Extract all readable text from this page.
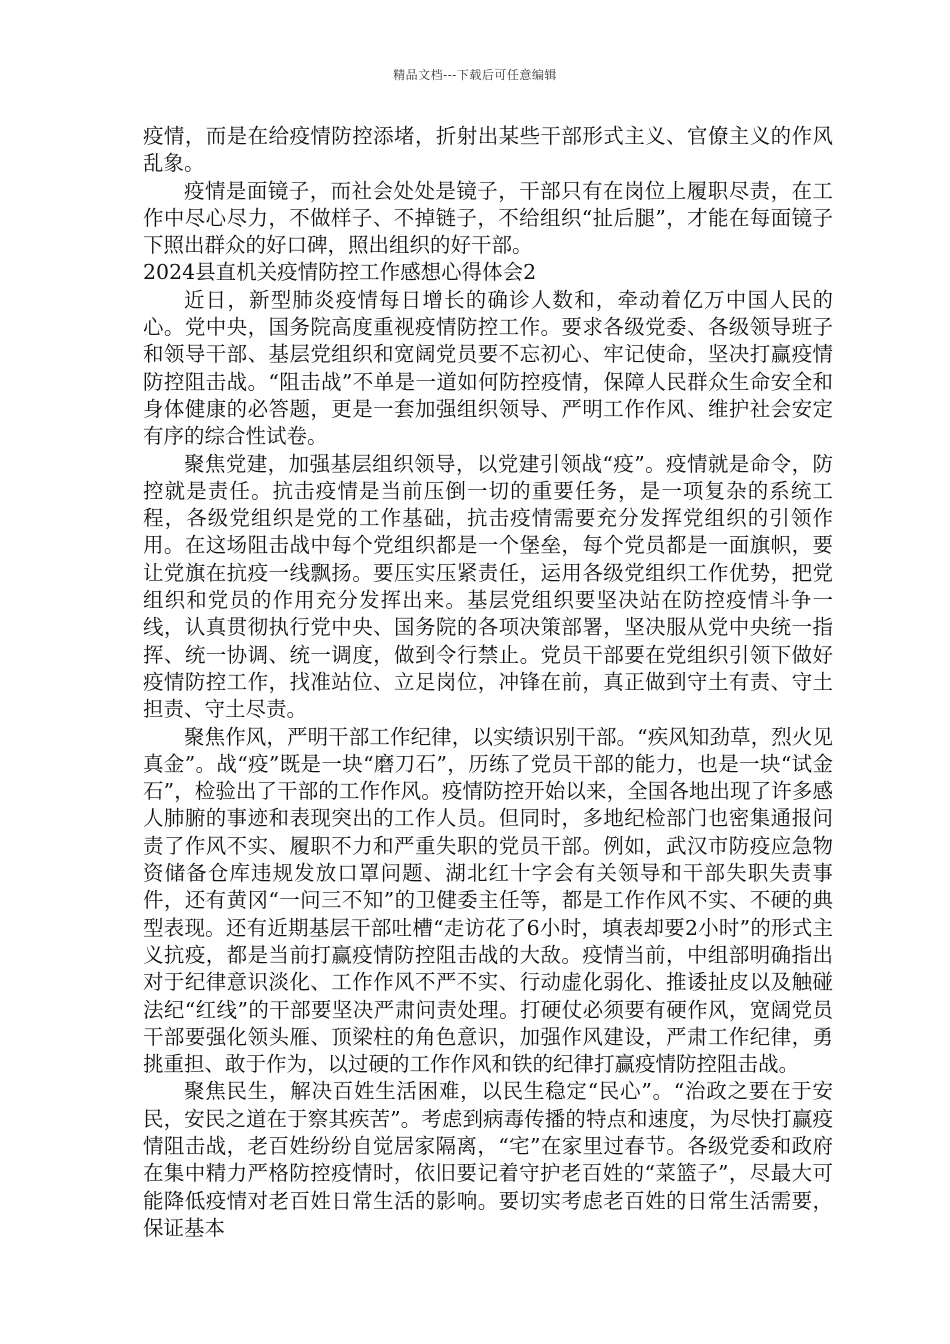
精品文档---下载后可任意编辑

疫情，而是在给疫情防控添堵，折射出某些干部形式主义、官僚主义的作风乱象。

疫情是面镜子，而社会处处是镜子，干部只有在岗位上履职尽责，在工作中尽心尽力，不做样子、不掉链子，不给组织“扯后腿”，才能在每面镜子下照出群众的好口碑，照出组织的好干部。

2024县直机关疫情防控工作感想心得体会2

近日，新型肺炎疫情每日增长的确诊人数和，牵动着亿万中国人民的心。党中央，国务院高度重视疫情防控工作。要求各级党委、各级领导班子和领导干部、基层党组织和宽阔党员要不忘初心、牢记使命，坚决打赢疫情防控阻击战。“阻击战”不单是一道如何防控疫情，保障人民群众生命安全和身体健康的必答题，更是一套加强组织领导、严明工作作风、维护社会安定有序的综合性试卷。

聚焦党建，加强基层组织领导，以党建引领战“疫”。疫情就是命令，防控就是责任。抗击疫情是当前压倒一切的重要任务，是一项复杂的系统工程，各级党组织是党的工作基础，抗击疫情需要充分发挥党组织的引领作用。在这场阻击战中每个党组织都是一个堡垒，每个党员都是一面旗帜，要让党旗在抗疫一线飘扬。要压实压紧责任，运用各级党组织工作优势，把党组织和党员的作用充分发挥出来。基层党组织要坚决站在防控疫情斗争一线，认真贯彻执行党中央、国务院的各项决策部署，坚决服从党中央统一指挥、统一协调、统一调度，做到令行禁止。党员干部要在党组织引领下做好疫情防控工作，找准站位、立足岗位，冲锋在前，真正做到守土有责、守土担责、守土尽责。

聚焦作风，严明干部工作纪律，以实绩识别干部。“疾风知劲草，烈火见真金”。战“疫”既是一块“磨刀石”，历练了党员干部的能力，也是一块“试金石”，检验出了干部的工作作风。疫情防控开始以来，全国各地出现了许多感人肺腑的事迹和表现突出的工作人员。但同时，多地纪检部门也密集通报问责了作风不实、履职不力和严重失职的党员干部。例如，武汉市防疫应急物资储备仓库违规发放口罩问题、湖北红十字会有关领导和干部失职失责事件，还有黄冈“一问三不知”的卫健委主任等，都是工作作风不实、不硬的典型表现。还有近期基层干部吐槽“走访花了6小时，填表却要2小时”的形式主义抗疫，都是当前打赢疫情防控阻击战的大敌。疫情当前，中组部明确指出对于纪律意识淡化、工作作风不严不实、行动虚化弱化、推诿扯皮以及触碰法纪“红线”的干部要坚决严肃问责处理。打硬仗必须要有硬作风，宽阔党员干部要强化领头雁、顶梁柱的角色意识，加强作风建设，严肃工作纪律，勇挑重担、敢于作为，以过硬的工作作风和铁的纪律打赢疫情防控阻击战。

聚焦民生，解决百姓生活困难，以民生稳定“民心”。“治政之要在于安民，安民之道在于察其疾苦”。考虑到病毒传播的特点和速度，为尽快打赢疫情阻击战，老百姓纷纷自觉居家隔离，“宅”在家里过春节。各级党委和政府在集中精力严格防控疫情时，依旧要记着守护老百姓的“菜篮子”，尽最大可能降低疫情对老百姓日常生活的影响。要切实考虑老百姓的日常生活需要，保证基本
